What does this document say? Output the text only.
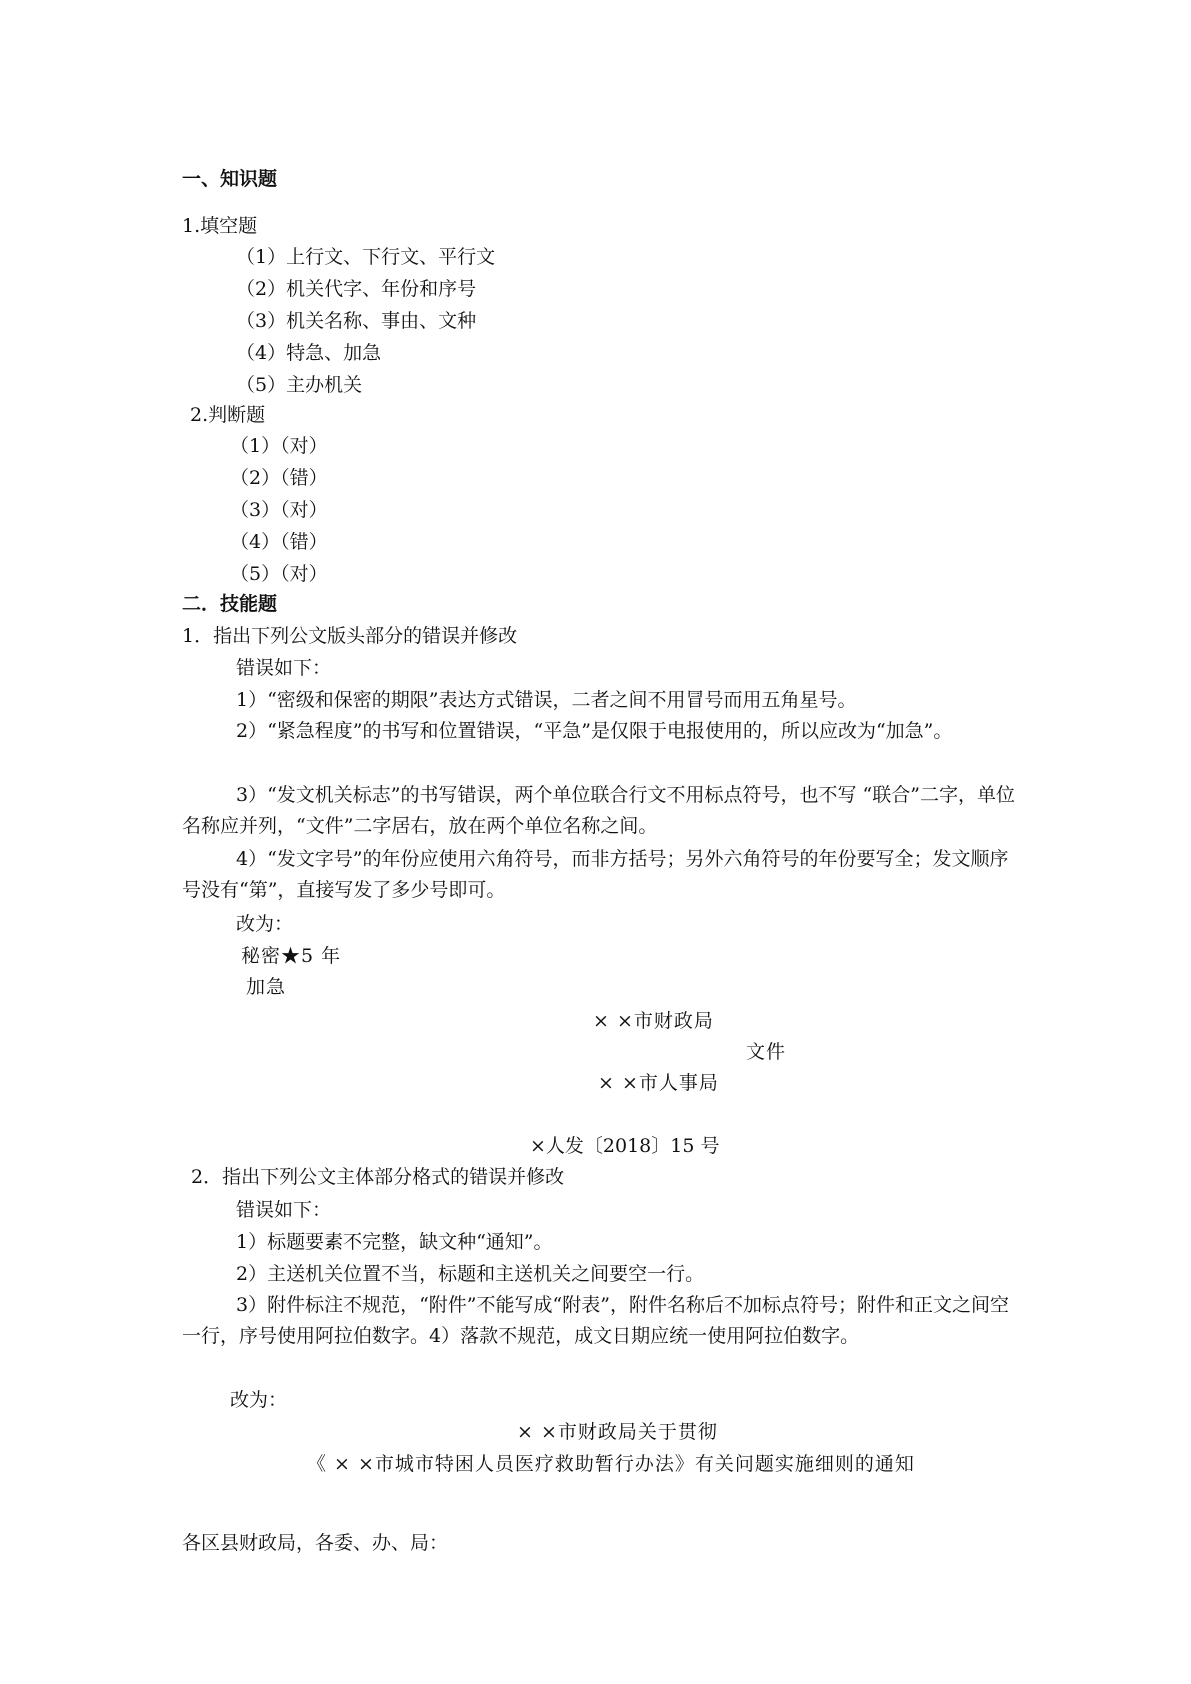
一、知识题
1.填空题
（1）上行文、下行文、平行文
（2）机关代字、年份和序号
（3）机关名称、事由、文种
（4）特急、加急
（5）主办机关
2.判断题
（1）（对）
（2）（错）
（3）（对）
（4）（错）
（5）（对）
二．技能题
1．指出下列公文版头部分的错误并修改
错误如下：
1）“密级和保密的期限”表达方式错误，二者之间不用冒号而用五角星号。
2）“紧急程度”的书写和位置错误，“平急”是仅限于电报使用的，所以应改为“加急”。
3）“发文机关标志”的书写错误，两个单位联合行文不用标点符号，也不写 “联合”二字，单位名称应并列，“文件”二字居右，放在两个单位名称之间。
4）“发文字号”的年份应使用六角符号，而非方括号；另外六角符号的年份要写全；发文顺序号没有“第”，直接写发了多少号即可。
改为：
秘密★5 年
加急
× ×市财政局
文件
× ×市人事局
×人发〔2018〕15 号
2．指出下列公文主体部分格式的错误并修改
错误如下：
1）标题要素不完整，缺文种“通知”。
2）主送机关位置不当，标题和主送机关之间要空一行。
3）附件标注不规范，“附件”不能写成“附表”，附件名称后不加标点符号；附件和正文之间空一行，序号使用阿拉伯数字。4）落款不规范，成文日期应统一使用阿拉伯数字。
改为：
× ×市财政局关于贯彻
《 × ×市城市特困人员医疗救助暂行办法》有关问题实施细则的通知
各区县财政局，各委、办、局：
